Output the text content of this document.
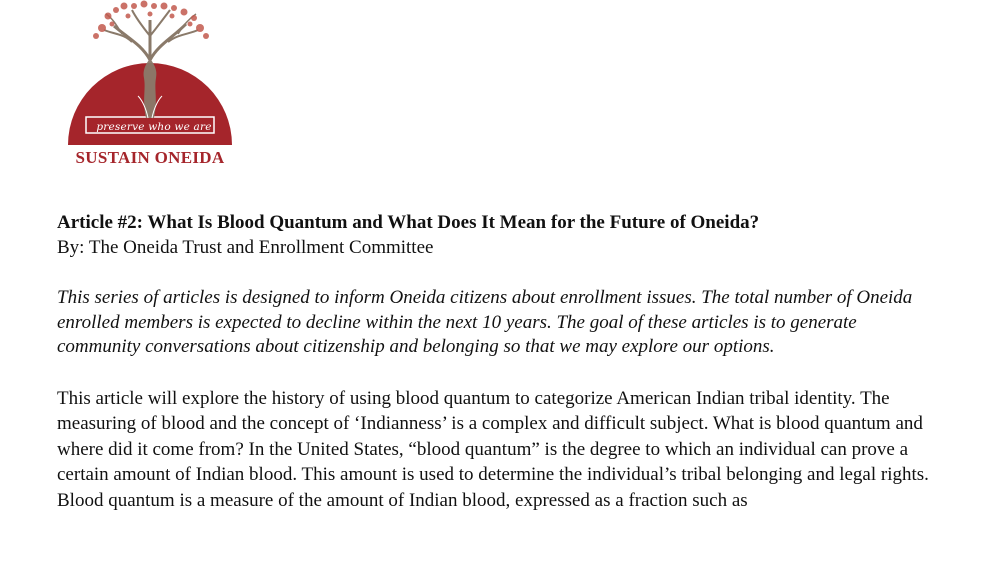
preserve who we are
SUSTAIN ONEIDA
Article #2: What Is Blood Quantum and What Does It Mean for the Future of Oneida?

By: The Oneida Trust and Enrollment Committee

This series of articles is designed to inform Oneida citizens about enrollment issues. The total number of Oneida enrolled members is expected to decline within the next 10 years. The goal of these articles is to generate community conversations about citizenship and belonging so that we may explore our options.

This article will explore the history of using blood quantum to categorize American Indian tribal identity. The measuring of blood and the concept of ‘Indianness’ is a complex and difficult subject. What is blood quantum and where did it come from? In the United States, “blood quantum” is the degree to which an individual can prove a certain amount of Indian blood. This amount is used to determine the individual’s tribal belonging and legal rights. Blood quantum is a measure of the amount of Indian blood, expressed as a fraction such as
